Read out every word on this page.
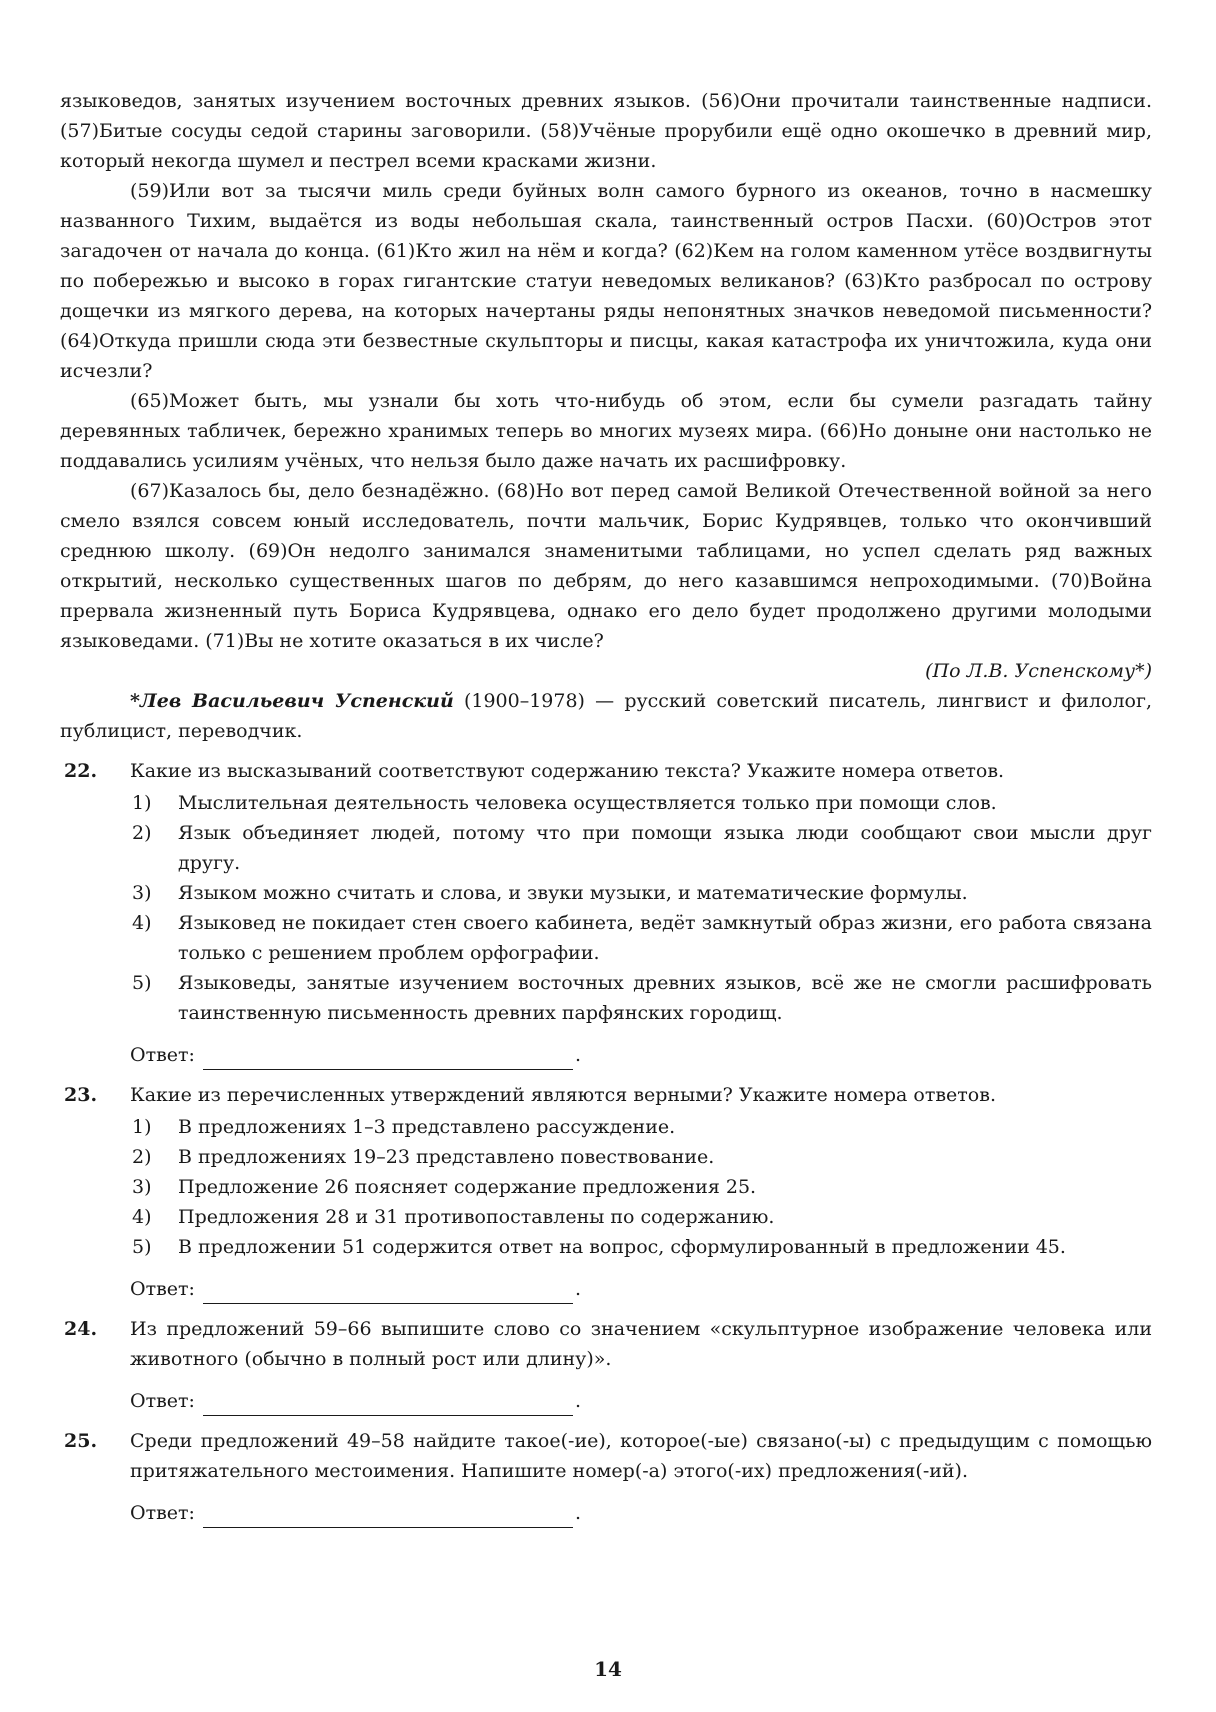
языковедов, занятых изучением восточных древних языков. (56)Они прочитали таинственные надписи. (57)Битые сосуды седой старины заговорили. (58)Учёные прорубили ещё одно окошечко в древний мир, который некогда шумел и пестрел всеми красками жизни.

(59)Или вот за тысячи миль среди буйных волн самого бурного из океанов, точно в насмешку названного Тихим, выдаётся из воды небольшая скала, таинственный остров Пасхи. (60)Остров этот загадочен от начала до конца. (61)Кто жил на нём и когда? (62)Кем на голом каменном утёсе воздвигнуты по побережью и высоко в горах гигантские статуи неведомых великанов? (63)Кто разбросал по острову дощечки из мягкого дерева, на которых начертаны ряды непонятных значков неведомой письменности? (64)Откуда пришли сюда эти безвестные скульпторы и писцы, какая катастрофа их уничтожила, куда они исчезли?

(65)Может быть, мы узнали бы хоть что-нибудь об этом, если бы сумели разгадать тайну деревянных табличек, бережно хранимых теперь во многих музеях мира. (66)Но доныне они настолько не поддавались усилиям учёных, что нельзя было даже начать их расшифровку.

(67)Казалось бы, дело безнадёжно. (68)Но вот перед самой Великой Отечественной войной за него смело взялся совсем юный исследователь, почти мальчик, Борис Кудрявцев, только что окончивший среднюю школу. (69)Он недолго занимался знаменитыми таблицами, но успел сделать ряд важных открытий, несколько существенных шагов по дебрям, до него казавшимся непроходимыми. (70)Война прервала жизненный путь Бориса Кудрявцева, однако его дело будет продолжено другими молодыми языковедами. (71)Вы не хотите оказаться в их числе?

(По Л.В. Успенскому*)

*Лев Васильевич Успенский (1900–1978) — русский советский писатель, лингвист и филолог, публицист, переводчик.

22. Какие из высказываний соответствуют содержанию текста? Укажите номера ответов.

1) Мыслительная деятельность человека осуществляется только при помощи слов.
2) Язык объединяет людей, потому что при помощи языка люди сообщают свои мысли друг другу.
3) Языком можно считать и слова, и звуки музыки, и математические формулы.
4) Языковед не покидает стен своего кабинета, ведёт замкнутый образ жизни, его работа связана только с решением проблем орфографии.
5) Языковеды, занятые изучением восточных древних языков, всё же не смогли расшифровать таинственную письменность древних парфянских городищ.
Ответ:	.
23. Какие из перечисленных утверждений являются верными? Укажите номера ответов.

1) В предложениях 1–3 представлено рассуждение.
2) В предложениях 19–23 представлено повествование.
3) Предложение 26 поясняет содержание предложения 25.
4) Предложения 28 и 31 противопоставлены по содержанию.
5) В предложении 51 содержится ответ на вопрос, сформулированный в предложении 45.
Ответ:	.
24. Из предложений 59–66 выпишите слово со значением «скульптурное изображение человека или животного (обычно в полный рост или длину)».

Ответ:	.
25. Среди предложений 49–58 найдите такое(-ие), которое(-ые) связано(-ы) с предыдущим с помощью притяжательного местоимения. Напишите номер(-а) этого(-их) предложения(-ий).

Ответ:	.
14
